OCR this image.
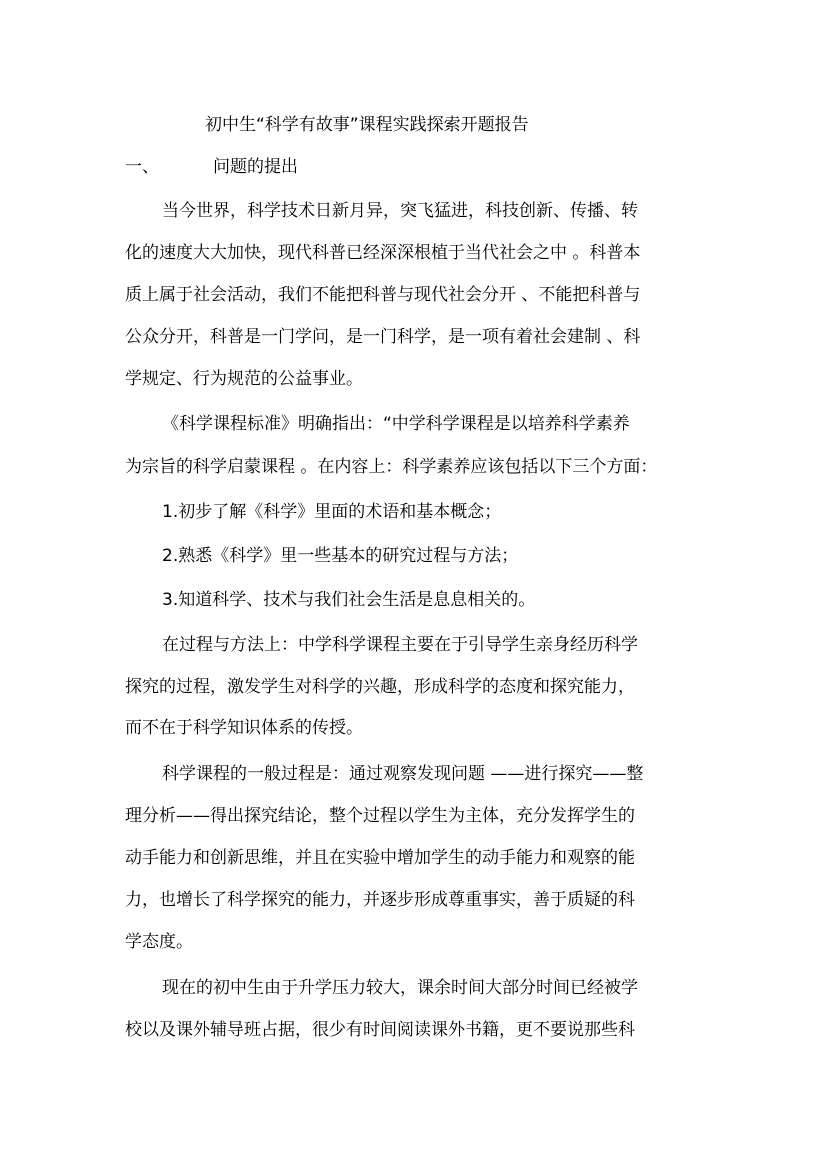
初中生“科学有故事”课程实践探索开题报告
一、	问题的提出
当今世界，科学技术日新月异，突飞猛进，科技创新、传播、转
化的速度大大加快，现代科普已经深深根植于当代社会之中 。科普本
质上属于社会活动，我们不能把科普与现代社会分开 、不能把科普与
公众分开，科普是一门学问，是一门科学，是一项有着社会建制 、科
学规定、行为规范的公益事业。
《科学课程标准》明确指出：“中学科学课程是以培养科学素养
为宗旨的科学启蒙课程 。在内容上：科学素养应该包括以下三个方面：
1.初步了解《科学》里面的术语和基本概念；
2.熟悉《科学》里一些基本的研究过程与方法；
3.知道科学、技术与我们社会生活是息息相关的。
在过程与方法上：中学科学课程主要在于引导学生亲身经历科学
探究的过程，激发学生对科学的兴趣，形成科学的态度和探究能力，
而不在于科学知识体系的传授。
科学课程的一般过程是：通过观察发现问题 ——进行探究——整
理分析——得出探究结论，整个过程以学生为主体，充分发挥学生的
动手能力和创新思维，并且在实验中增加学生的动手能力和观察的能
力，也增长了科学探究的能力，并逐步形成尊重事实，善于质疑的科
学态度。
现在的初中生由于升学压力较大，课余时间大部分时间已经被学
校以及课外辅导班占据，很少有时间阅读课外书籍，更不要说那些科
